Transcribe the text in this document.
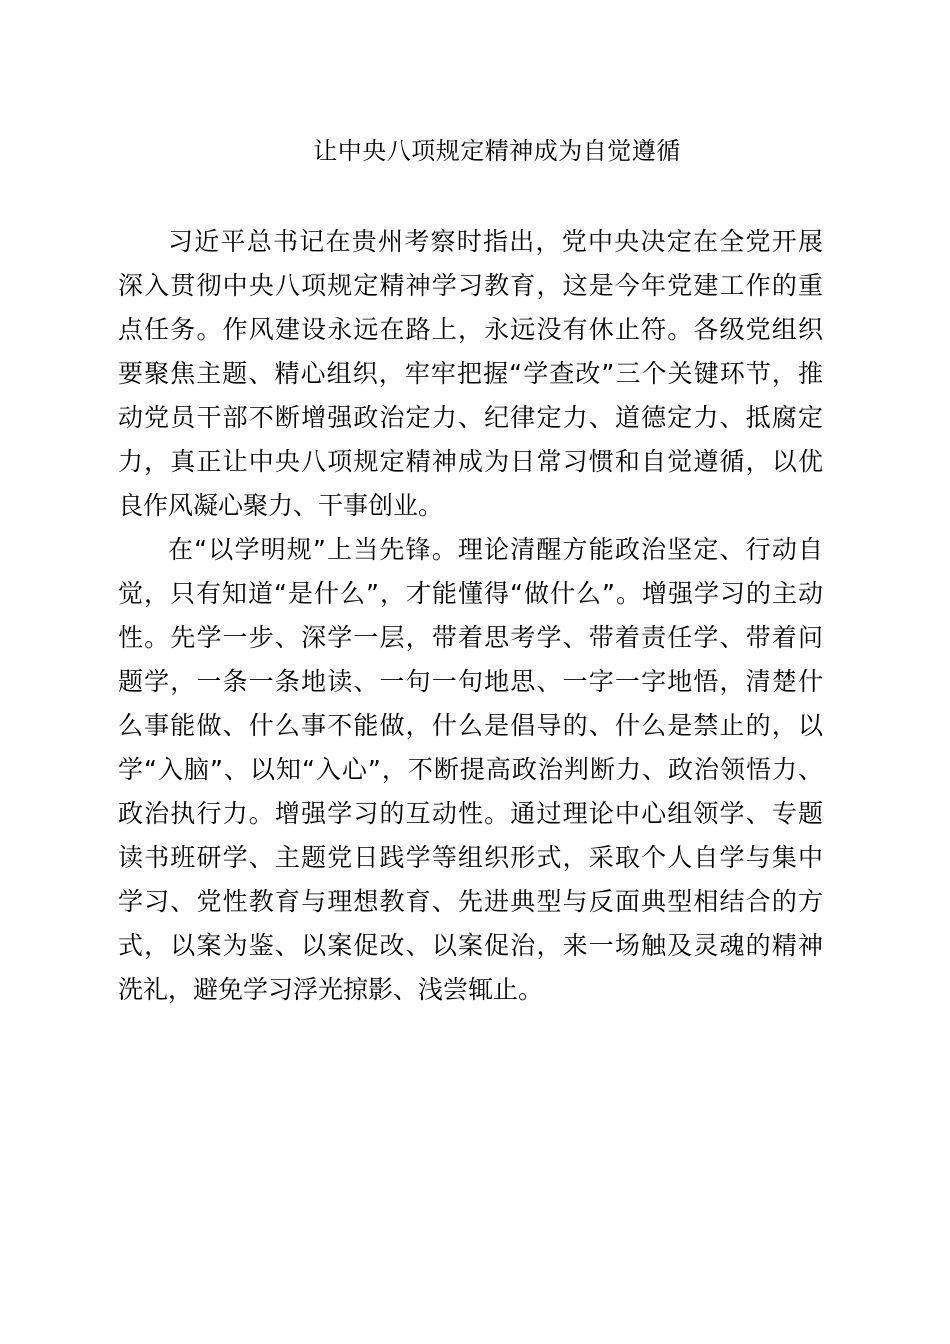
让中央八项规定精神成为自觉遵循

习近平总书记在贵州考察时指出，党中央决定在全党开展

深入贯彻中央八项规定精神学习教育，这是今年党建工作的重

点任务。作风建设永远在路上，永远没有休止符。各级党组织

要聚焦主题、精心组织，牢牢把握“学查改”三个关键环节，推

动党员干部不断增强政治定力、纪律定力、道德定力、抵腐定

力，真正让中央八项规定精神成为日常习惯和自觉遵循，以优

良作风凝心聚力、干事创业。

在“以学明规”上当先锋。理论清醒方能政治坚定、行动自

觉，只有知道“是什么”，才能懂得“做什么”。增强学习的主动

性。先学一步、深学一层，带着思考学、带着责任学、带着问

题学，一条一条地读、一句一句地思、一字一字地悟，清楚什

么事能做、什么事不能做，什么是倡导的、什么是禁止的，以

学“入脑”、以知“入心”，不断提高政治判断力、政治领悟力、

政治执行力。增强学习的互动性。通过理论中心组领学、专题

读书班研学、主题党日践学等组织形式，采取个人自学与集中

学习、党性教育与理想教育、先进典型与反面典型相结合的方

式，以案为鉴、以案促改、以案促治，来一场触及灵魂的精神

洗礼，避免学习浮光掠影、浅尝辄止。
